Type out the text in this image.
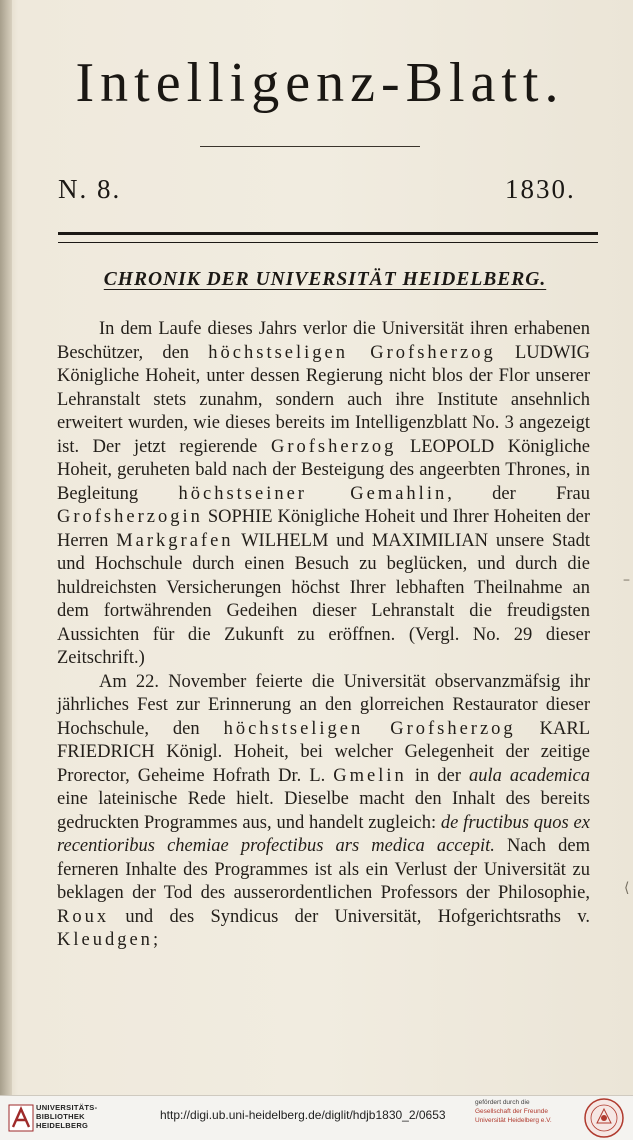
Intelligenz-Blatt.
N. 8.	1830.
CHRONIK DER UNIVERSITÄT HEIDELBERG.

In dem Laufe dieses Jahrs verlor die Universität ihren erhabenen Beschützer, den höchstseligen Grofsherzog LUDWIG Königliche Hoheit, unter dessen Regierung nicht blos der Flor unserer Lehranstalt stets zunahm, sondern auch ihre Institute ansehnlich erweitert wurden, wie dieses bereits im Intelligenzblatt No. 3 angezeigt ist. Der jetzt regierende Grofsherzog LEOPOLD Königliche Hoheit, geruheten bald nach der Besteigung des angeerbten Thrones, in Begleitung höchstseiner Gemahlin, der Frau Grofsherzogin SOPHIE Königliche Hoheit und Ihrer Hoheiten der Herren Markgrafen WILHELM und MAXIMILIAN unsere Stadt und Hochschule durch einen Besuch zu beglücken, und durch die huldreichsten Versicherungen höchst Ihrer lebhaften Theilnahme an dem fortwährenden Gedeihen dieser Lehranstalt die freudigsten Aussichten für die Zukunft zu eröffnen. (Vergl. No. 29 dieser Zeitschrift.)

Am 22. November feierte die Universität observanzmäfsig ihr jährliches Fest zur Erinnerung an den glorreichen Restaurator dieser Hochschule, den höchstseligen Grofsherzog KARL FRIEDRICH Königl. Hoheit, bei welcher Gelegenheit der zeitige Prorector, Geheime Hofrath Dr. L. Gmelin in der aula academica eine lateinische Rede hielt. Dieselbe macht den Inhalt des bereits gedruckten Programmes aus, und handelt zugleich: de fructibus quos ex recentioribus chemiae profectibus ars medica accepit. Nach dem ferneren Inhalte des Programmes ist als ein Verlust der Universität zu beklagen der Tod des ausserordentlichen Professors der Philosophie, Roux und des Syndicus der Universität, Hofgerichtsraths v. Kleudgen;

–
⟨
UNIVERSITÄTS-
BIBLIOTHEK
HEIDELBERG
http://digi.ub.uni-heidelberg.de/diglit/hdjb1830_2/0653
gefördert durch die
Gesellschaft der Freunde
Universität Heidelberg e.V.
